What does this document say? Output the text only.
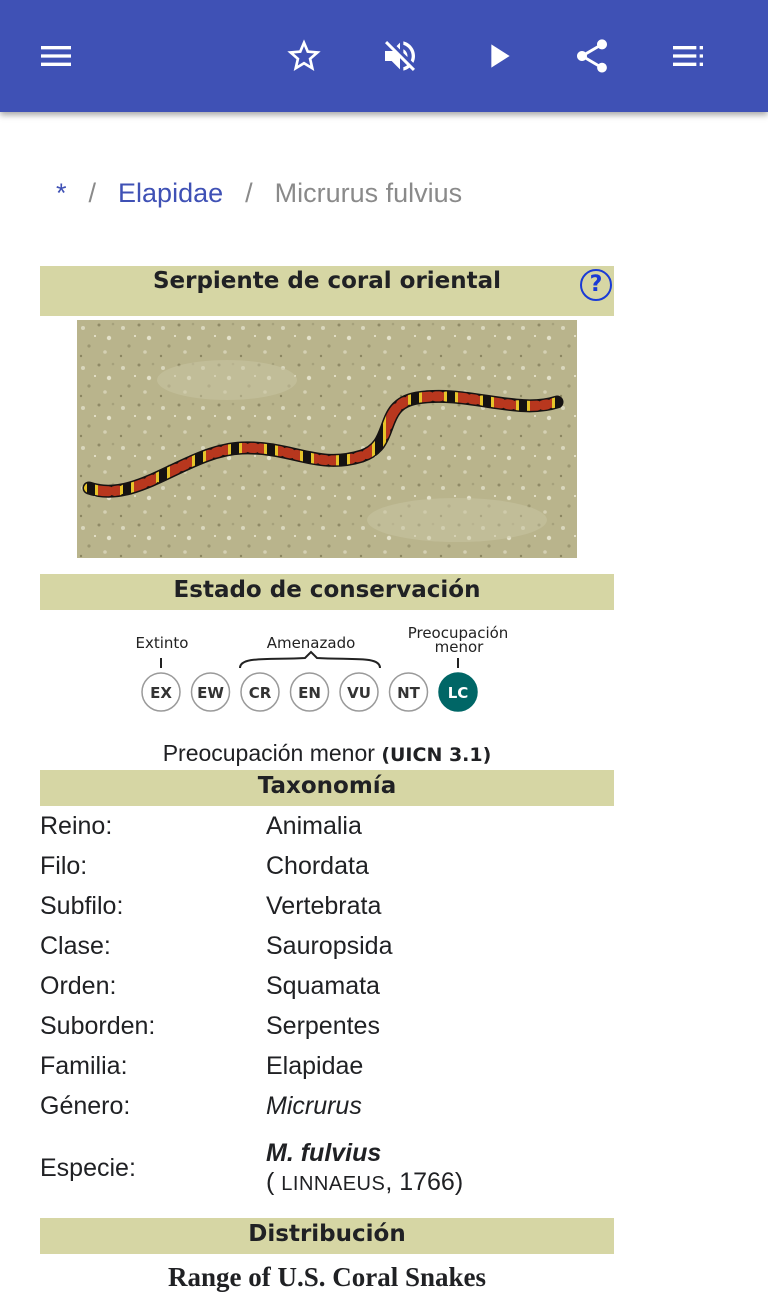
* / Elapidae / Micrurus fulvius
Serpiente de coral oriental	?
Estado de conservación
Extinto	Amenazado
Preocupación
menor
EX EW CR EN VU NT LC
Preocupación menor (UICN 3.1)
Taxonomía
Reino:	Animalia
Filo:	Chordata
Subfilo:	Vertebrata
Clase:	Sauropsida
Orden:	Squamata
Suborden:	Serpentes
Familia:	Elapidae
Género:	Micrurus
Especie:	M. fulvius
( LINNAEUS, 1766)
Distribución
Range of U.S. Coral Snakes
